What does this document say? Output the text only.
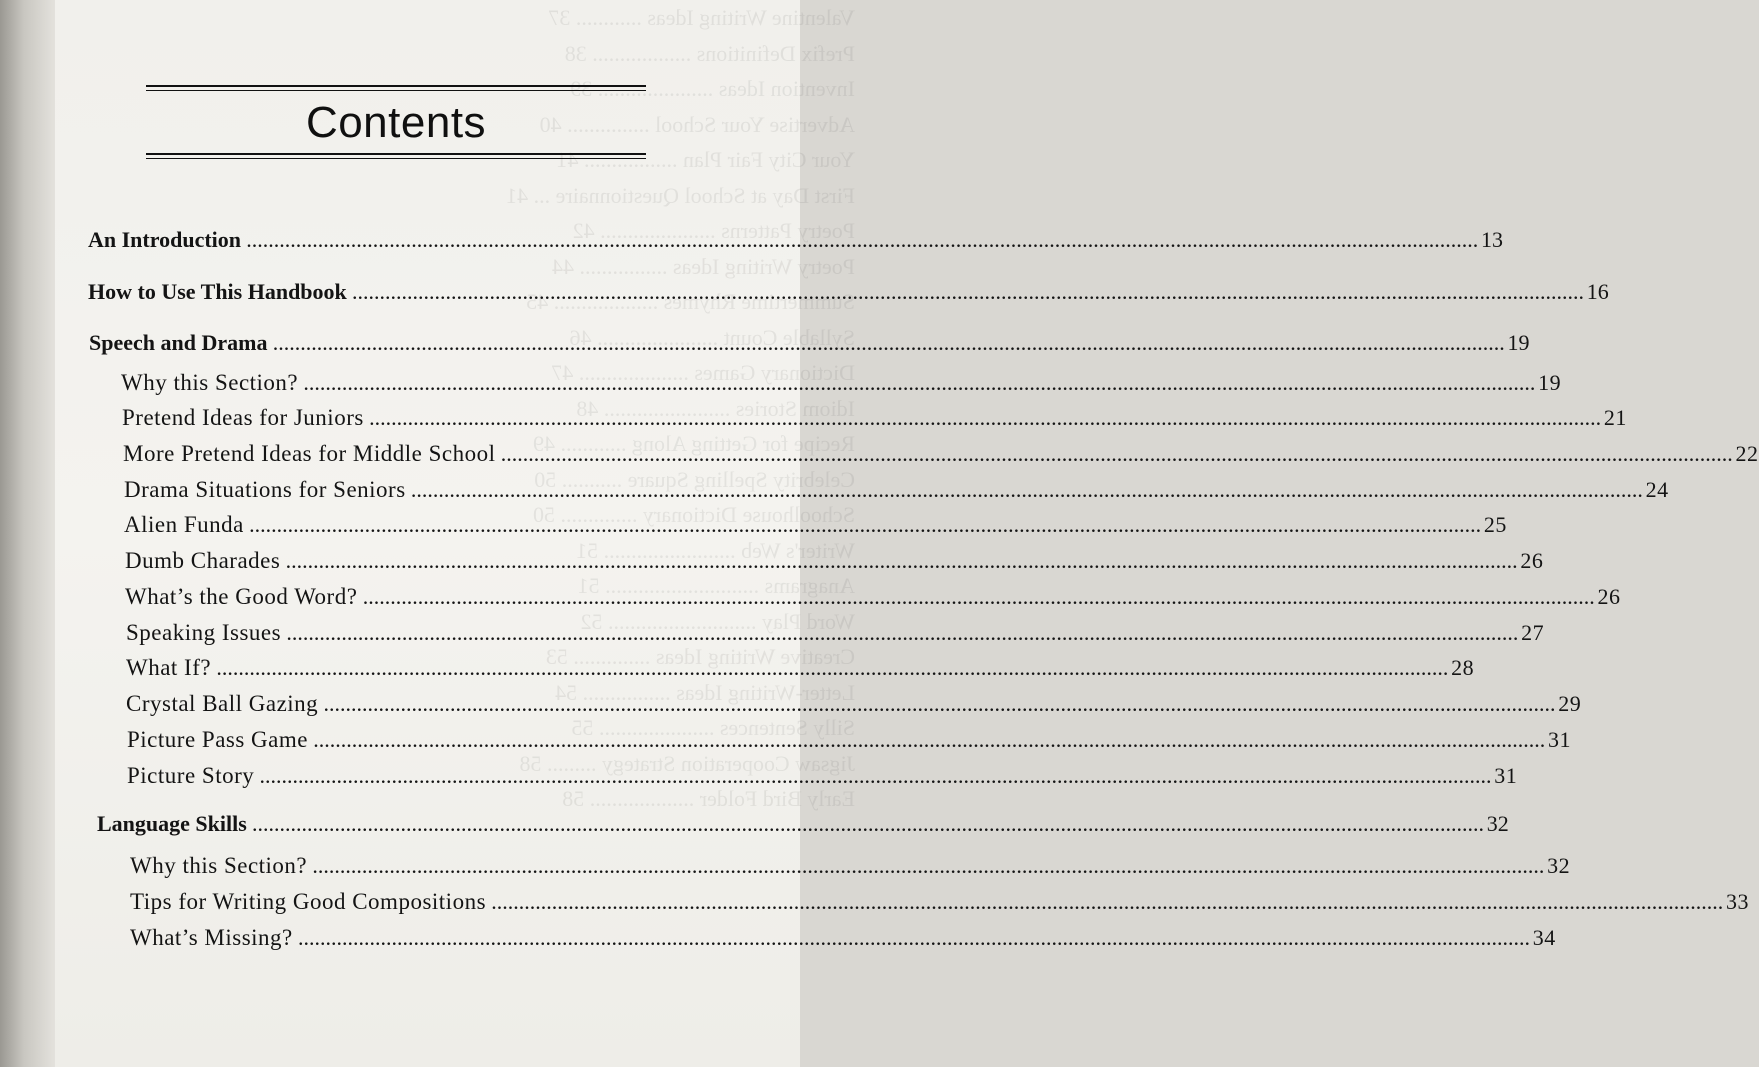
Valentine Writing Ideas ............ 37
Prefix Definitions .................. 38
Invention Ideas ..................... 39
Advertise Your School ............... 40
Your City Fair Plan ................. 41
First Day at School Questionnaire ... 41
Poetry Patterns ..................... 42
Poetry Writing Ideas ................ 44
Summertime Rhymes ................... 45
Syllable Count ...................... 46
Dictionary Games .................... 47
Idiom Stories ....................... 48
Recipe for Getting Along ............ 49
Celebrity Spelling Square ........... 50
Schoolhouse Dictionary .............. 50
Writer's Web ........................ 51
Anagrams ............................ 51
Word Play ........................... 52
Creative Writing Ideas .............. 53
Letter-Writing Ideas ................ 54
Silly Sentences ..................... 55
Jigsaw Cooperation Strategy ......... 58
Early Bird Folder ................... 58
Contents
An Introduction .....	13
How to Use This Handbook .....	16
Speech and Drama .....	19
Why this Section? .....	19
Pretend Ideas for Juniors .....	21
More Pretend Ideas for Middle School .....	22
Drama Situations for Seniors .....	24
Alien Funda .....	25
Dumb Charades .....	26
What’s the Good Word? .....	26
Speaking Issues .....	27
What If? .....	28
Crystal Ball Gazing .....	29
Picture Pass Game .....	31
Picture Story .....	31
Language Skills .....	32
Why this Section? .....	32
Tips for Writing Good Compositions .....	33
What’s Missing? .....	34
